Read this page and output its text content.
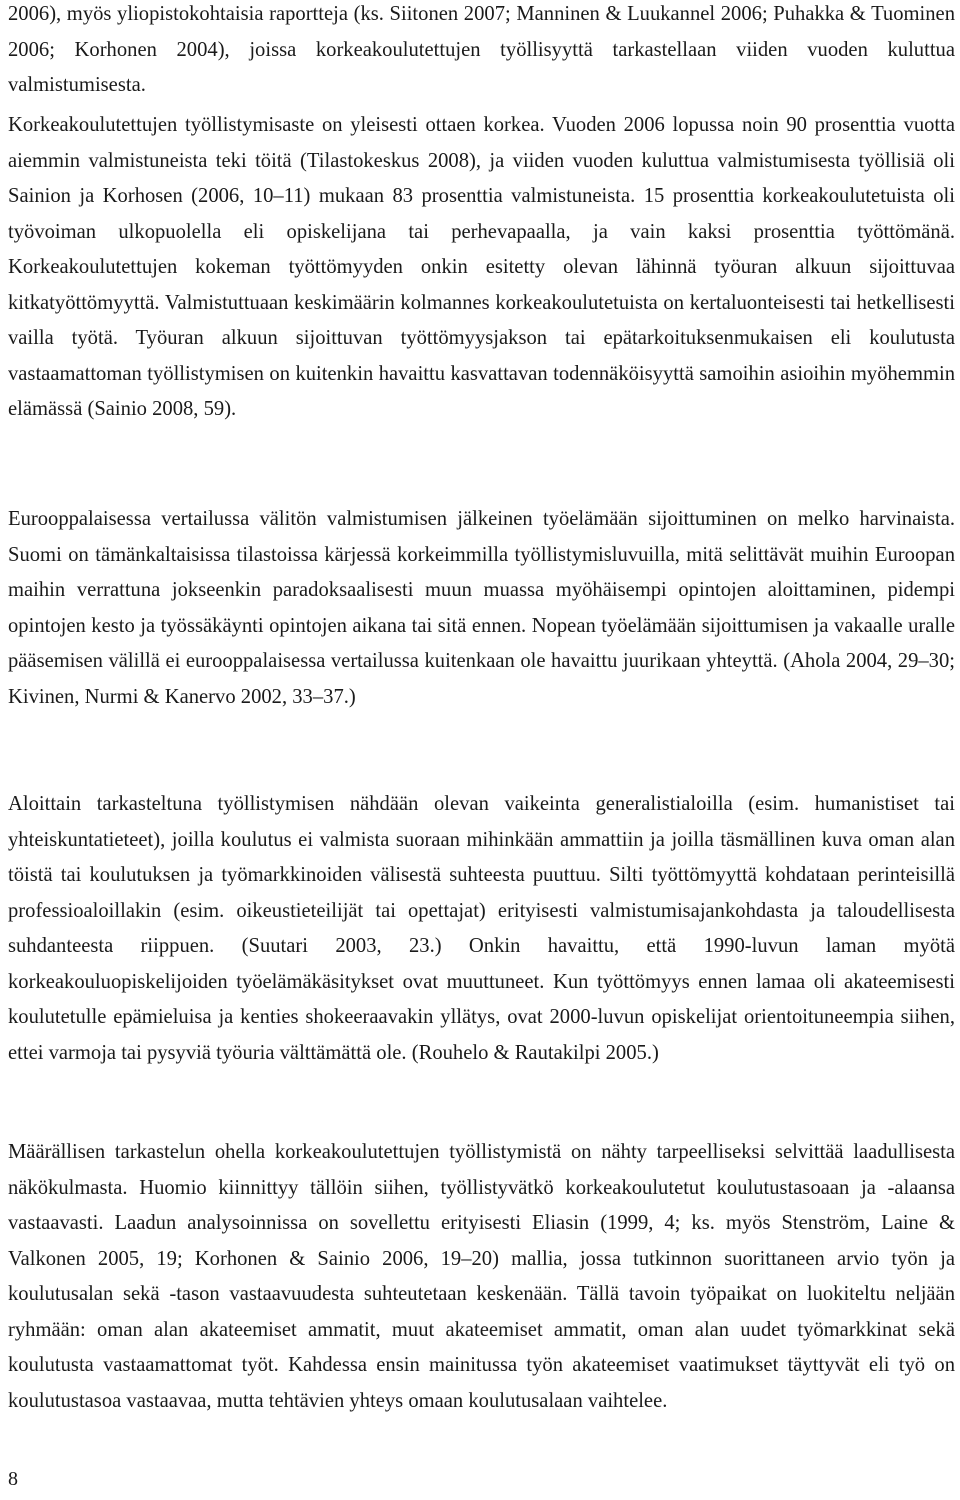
2006), myös yliopistokohtaisia raportteja (ks. Siitonen 2007; Manninen & Luukannel 2006; Puhakka & Tuominen 2006; Korhonen 2004), joissa korkeakoulutettujen työllisyyttä tarkastellaan viiden vuoden kuluttua valmistumisesta.

Korkeakoulutettujen työllistymisaste on yleisesti ottaen korkea. Vuoden 2006 lopussa noin 90 prosenttia vuotta aiemmin valmistuneista teki töitä (Tilastokeskus 2008), ja viiden vuoden kuluttua valmistumisesta työllisiä oli Sainion ja Korhosen (2006, 10–11) mukaan 83 prosenttia valmistuneista. 15 prosenttia korkeakoulutetuista oli työvoiman ulkopuolella eli opiskelijana tai perhevapaalla, ja vain kaksi prosenttia työttömänä. Korkeakoulutettujen kokeman työttömyyden onkin esitetty olevan lähinnä työuran alkuun sijoittuvaa kitkatyöttömyyttä. Valmistuttuaan keskimäärin kolmannes korkeakoulutetuista on kertaluonteisesti tai hetkellisesti vailla työtä. Työuran alkuun sijoittuvan työttömyysjakson tai epätarkoituksenmukaisen eli koulutusta vastaamattoman työllistymisen on kuitenkin havaittu kasvattavan todennäköisyyttä samoihin asioihin myöhemmin elämässä (Sainio 2008, 59).

Eurooppalaisessa vertailussa välitön valmistumisen jälkeinen työelämään sijoittuminen on melko harvinaista. Suomi on tämänkaltaisissa tilastoissa kärjessä korkeimmilla työllistymisluvuilla, mitä selittävät muihin Euroopan maihin verrattuna jokseenkin paradoksaalisesti muun muassa myöhäisempi opintojen aloittaminen, pidempi opintojen kesto ja työssäkäynti opintojen aikana tai sitä ennen. Nopean työelämään sijoittumisen ja vakaalle uralle pääsemisen välillä ei eurooppalaisessa vertailussa kuitenkaan ole havaittu juurikaan yhteyttä. (Ahola 2004, 29–30; Kivinen, Nurmi & Kanervo 2002, 33–37.)

Aloittain tarkasteltuna työllistymisen nähdään olevan vaikeinta generalistialoilla (esim. humanistiset tai yhteiskuntatieteet), joilla koulutus ei valmista suoraan mihinkään ammattiin ja joilla täsmällinen kuva oman alan töistä tai koulutuksen ja työmarkkinoiden välisestä suhteesta puuttuu. Silti työttömyyttä kohdataan perinteisillä professioaloillakin (esim. oikeustieteilijät tai opettajat) erityisesti valmistumisajankohdasta ja taloudellisesta suhdanteesta riippuen. (Suutari 2003, 23.) Onkin havaittu, että 1990-luvun laman myötä korkeakouluopiskelijoiden työelämäkäsitykset ovat muuttuneet. Kun työttömyys ennen lamaa oli akateemisesti koulutetulle epämieluisa ja kenties shokeeraavakin yllätys, ovat 2000-luvun opiskelijat orientoituneempia siihen, ettei varmoja tai pysyviä työuria välttämättä ole. (Rouhelo & Rautakilpi 2005.)

Määrällisen tarkastelun ohella korkeakoulutettujen työllistymistä on nähty tarpeelliseksi selvittää laadullisesta näkökulmasta. Huomio kiinnittyy tällöin siihen, työllistyvätkö korkeakoulutetut koulutustasoaan ja -alaansa vastaavasti. Laadun analysoinnissa on sovellettu erityisesti Eliasin (1999, 4; ks. myös Stenström, Laine & Valkonen 2005, 19; Korhonen & Sainio 2006, 19–20) mallia, jossa tutkinnon suorittaneen arvio työn ja koulutusalan sekä -tason vastaavuudesta suhteutetaan keskenään. Tällä tavoin työpaikat on luokiteltu neljään ryhmään: oman alan akateemiset ammatit, muut akateemiset ammatit, oman alan uudet työmarkkinat sekä koulutusta vastaamattomat työt. Kahdessa ensin mainitussa työn akateemiset vaatimukset täyttyvät eli työ on koulutustasoa vastaavaa, mutta tehtävien yhteys omaan koulutusalaan vaihtelee.

8
